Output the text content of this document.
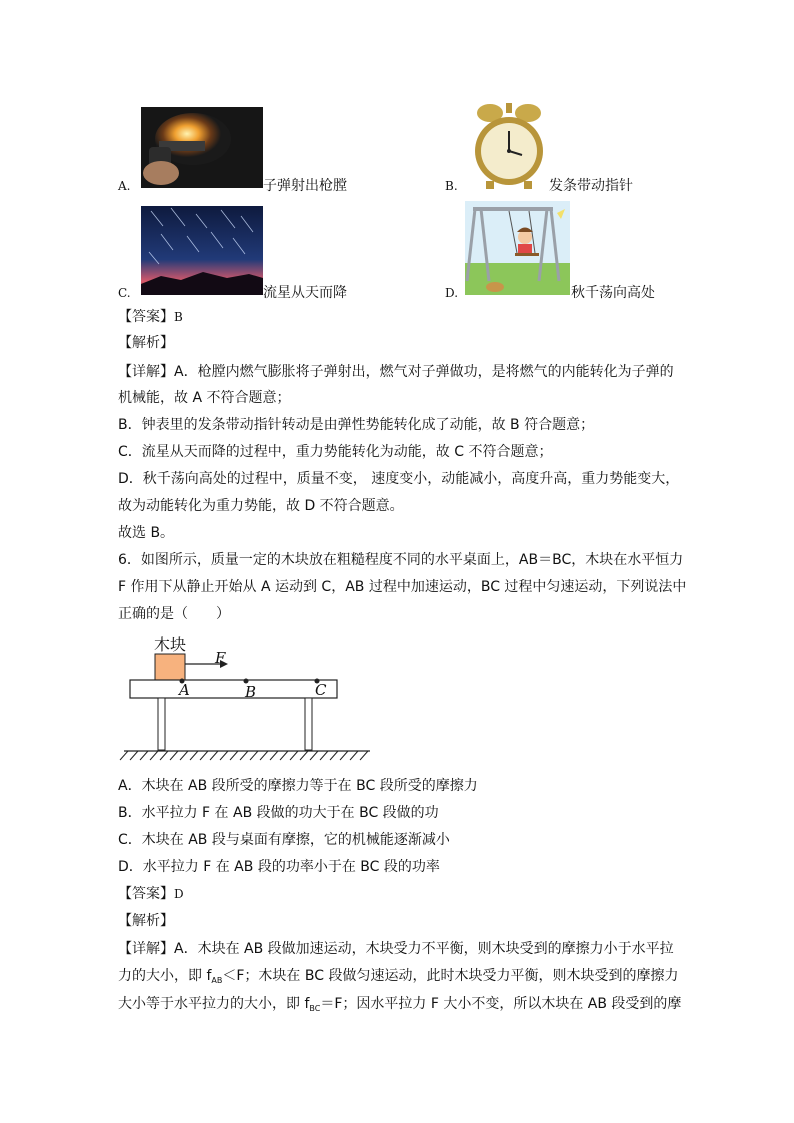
A.	子弹射出枪膛	B.	发条带动指针
C.	流星从天而降	D.	秋千荡向高处
【答案】B
【解析】
【详解】A．枪膛内燃气膨胀将子弹射出，燃气对子弹做功，是将燃气的内能转化为子弹的
机械能，故 A 不符合题意；
B．钟表里的发条带动指针转动是由弹性势能转化成了动能，故 B 符合题意；
C．流星从天而降的过程中，重力势能转化为动能，故 C 不符合题意；
D．秋千荡向高处的过程中，质量不变， 速度变小，动能减小，高度升高，重力势能变大，
故为动能转化为重力势能，故 D 不符合题意。
故选 B。
6．如图所示，质量一定的木块放在粗糙程度不同的水平桌面上，AB＝BC，木块在水平恒力
F 作用下从静止开始从 A 运动到 C，AB 过程中加速运动，BC 过程中匀速运动，下列说法中
正确的是（　　）
木块
F
A	B	C
A．木块在 AB 段所受的摩擦力等于在 BC 段所受的摩擦力
B．水平拉力 F 在 AB 段做的功大于在 BC 段做的功
C．木块在 AB 段与桌面有摩擦，它的机械能逐渐减小
D．水平拉力 F 在 AB 段的功率小于在 BC 段的功率
【答案】D
【解析】
【详解】A．木块在 AB 段做加速运动，木块受力不平衡，则木块受到的摩擦力小于水平拉
力的大小，即 $f_{AB}<F$；木块在 BC 段做匀速运动，此时木块受力平衡，则木块受到的摩擦力
大小等于水平拉力的大小，即 $f_{BC}=F$；因水平拉力 F 大小不变，所以木块在 AB 段受到的摩
